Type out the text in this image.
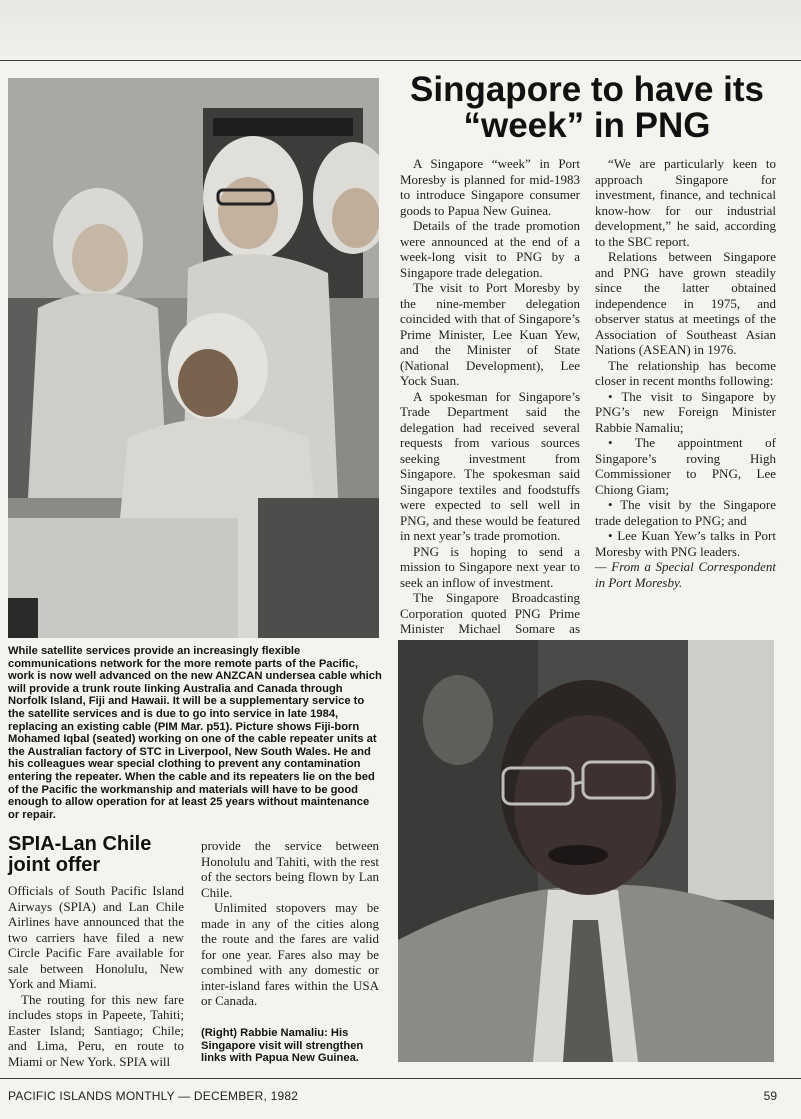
Singapore to have its “week” in PNG

A Singapore “week” in Port Moresby is planned for mid-1983 to introduce Singapore consumer goods to Papua New Guinea.

Details of the trade promotion were announced at the end of a week-long visit to PNG by a Singapore trade delegation.

The visit to Port Moresby by the nine-member delegation coincided with that of Singapore’s Prime Minister, Lee Kuan Yew, and the Minister of State (National Development), Lee Yock Suan.

A spokesman for Singapore’s Trade Department said the delegation had received several requests from various sources seeking investment from Singapore. The spokesman said Singapore textiles and foodstuffs were expected to sell well in PNG, and these would be featured in next year’s trade promotion.

PNG is hoping to send a mission to Singapore next year to seek an inflow of investment.

The Singapore Broadcasting Corporation quoted PNG Prime Minister Michael Somare as

“We are particularly keen to approach Singapore for investment, finance, and technical know-how for our industrial development,” he said, according to the SBC report.

Relations between Singapore and PNG have grown steadily since the latter obtained independence in 1975, and observer status at meetings of the Association of Southeast Asian Nations (ASEAN) in 1976.

The relationship has become closer in recent months following:

• The visit to Singapore by PNG’s new Foreign Minister Rabbie Namaliu;

• The appointment of Singapore’s roving High Commissioner to PNG, Lee Chiong Giam;

• The visit by the Singapore trade delegation to PNG; and

• Lee Kuan Yew’s talks in Port Moresby with PNG leaders.

— From a Special Correspondent in Port Moresby.

While satellite services provide an increasingly flexible communications network for the more remote parts of the Pacific, work is now well advanced on the new ANZCAN undersea cable which will provide a trunk route linking Australia and Canada through Norfolk Island, Fiji and Hawaii. It will be a supplementary service to the satellite services and is due to go into service in late 1984, replacing an existing cable (PIM Mar. p51). Picture shows Fiji-born Mohamed Iqbal (seated) working on one of the cable repeater units at the Australian factory of STC in Liverpool, New South Wales. He and his colleagues wear special clothing to prevent any contamination entering the repeater. When the cable and its repeaters lie on the bed of the Pacific the workmanship and materials will have to be good enough to allow operation for at least 25 years without maintenance or repair.

SPIA-Lan Chile joint offer

Officials of South Pacific Island Airways (SPIA) and Lan Chile Airlines have announced that the two carriers have filed a new Circle Pacific Fare available for sale between Honolulu, New York and Miami.

The routing for this new fare includes stops in Papeete, Tahiti; Easter Island; Santiago; Chile; and Lima, Peru, en route to Miami or New York. SPIA will

provide the service between Honolulu and Tahiti, with the rest of the sectors being flown by Lan Chile.

Unlimited stopovers may be made in any of the cities along the route and the fares are valid for one year. Fares also may be combined with any domestic or inter-island fares within the USA or Canada.

(Right) Rabbie Namaliu: His Singapore visit will strengthen links with Papua New Guinea.

PACIFIC ISLANDS MONTHLY — DECEMBER, 1982	59
